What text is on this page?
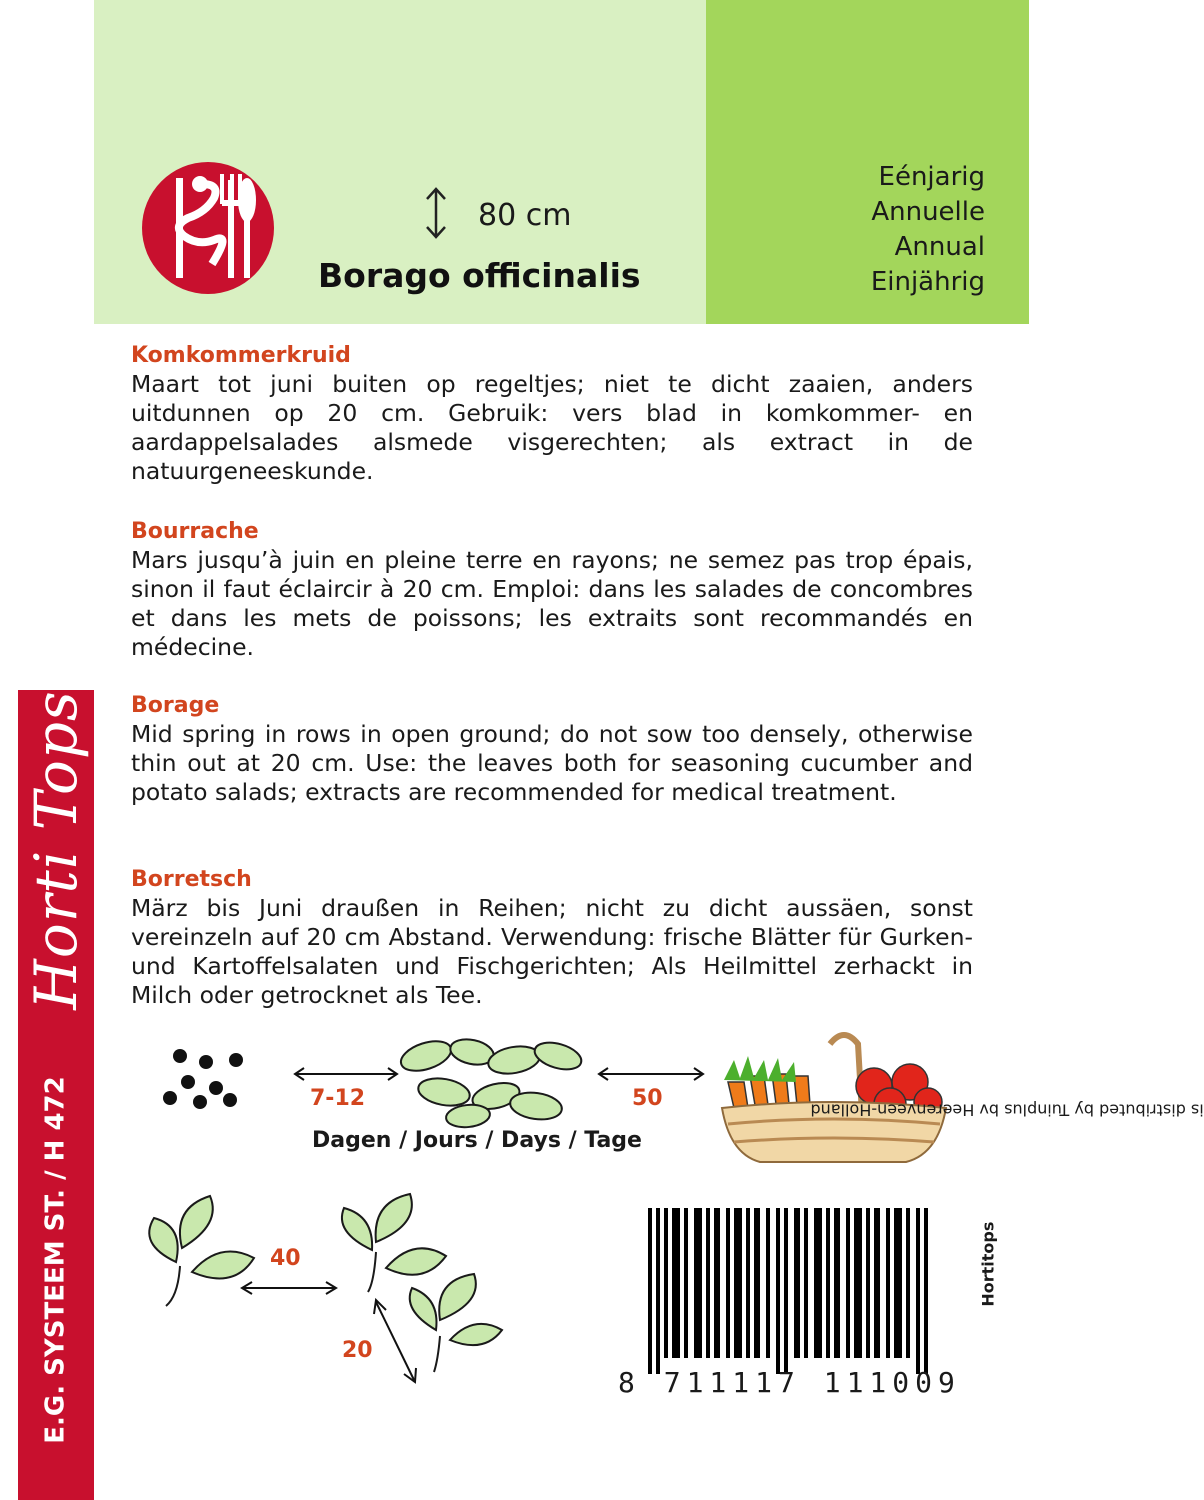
80 cm
Borago officinalis
Eénjarig
Annuelle
Annual
Einjährig
Horti Tops
E.G. SYSTEEM ST. / H 472
Komkommerkruid

Maart tot juni buiten op regeltjes; niet te dicht zaaien, anders uitdunnen op 20 cm. Gebruik: vers blad in komkommer- en aardappelsalades alsmede visgerechten; als extract in de natuurgeneeskunde.

Bourrache

Mars jusqu’à juin en pleine terre en rayons; ne semez pas trop épais, sinon il faut éclaircir à 20 cm. Emploi: dans les salades de concombres et dans les mets de poissons; les extraits sont recommandés en médecine.

Borage

Mid spring in rows in open ground; do not sow too densely, otherwise thin out at 20 cm. Use: the leaves both for seasoning cucumber and potato salads; extracts are recommended for medical treatment.

Borretsch

März bis Juni draußen in Reihen; nicht zu dicht aussäen, sonst vereinzeln auf 20 cm Abstand. Verwendung: frische Blätter für Gurken- und Kartoffelsalaten und Fischgerichten; Als Heilmittel zerhackt in Milch oder getrocknet als Tee.

7-12	50
Dagen / Jours / Days / Tage
40
20
8 711117 111009
Hortitops
is distributed by Tuinplus bv Heerenveen-Holland
